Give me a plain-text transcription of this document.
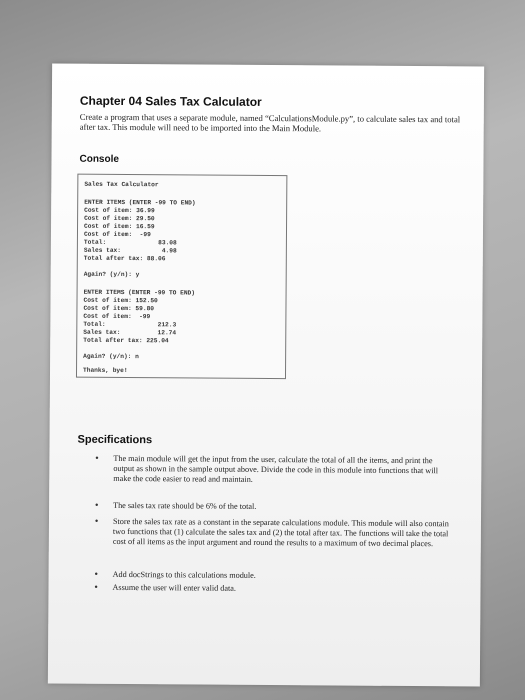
Chapter 04 Sales Tax Calculator
Create a program that uses a separate module, named “CalculationsModule.py”, to calculate sales tax and total after tax. This module will need to be imported into the Main Module.
Console
Sales Tax Calculator
ENTER ITEMS (ENTER -99 TO END)
Cost of item: 36.99
Cost of item: 29.50
Cost of item: 16.59
Cost of item:  -99
Total:              83.08
Sales tax:           4.98
Total after tax: 88.06
Again? (y/n): y
ENTER ITEMS (ENTER -99 TO END)
Cost of item: 152.50
Cost of item: 59.80
Cost of item:  -99
Total:              212.3
Sales tax:          12.74
Total after tax: 225.04
Again? (y/n): n
Thanks, bye!
Specifications
• The main module will get the input from the user, calculate the total of all the items, and print the output as shown in the sample output above. Divide the code in this module into functions that will make the code easier to read and maintain.
• The sales tax rate should be 6% of the total.
• Store the sales tax rate as a constant in the separate calculations module. This module will also contain two functions that (1) calculate the sales tax and (2) the total after tax. The functions will take the total cost of all items as the input argument and round the results to a maximum of two decimal places.
• Add docStrings to this calculations module.
• Assume the user will enter valid data.
